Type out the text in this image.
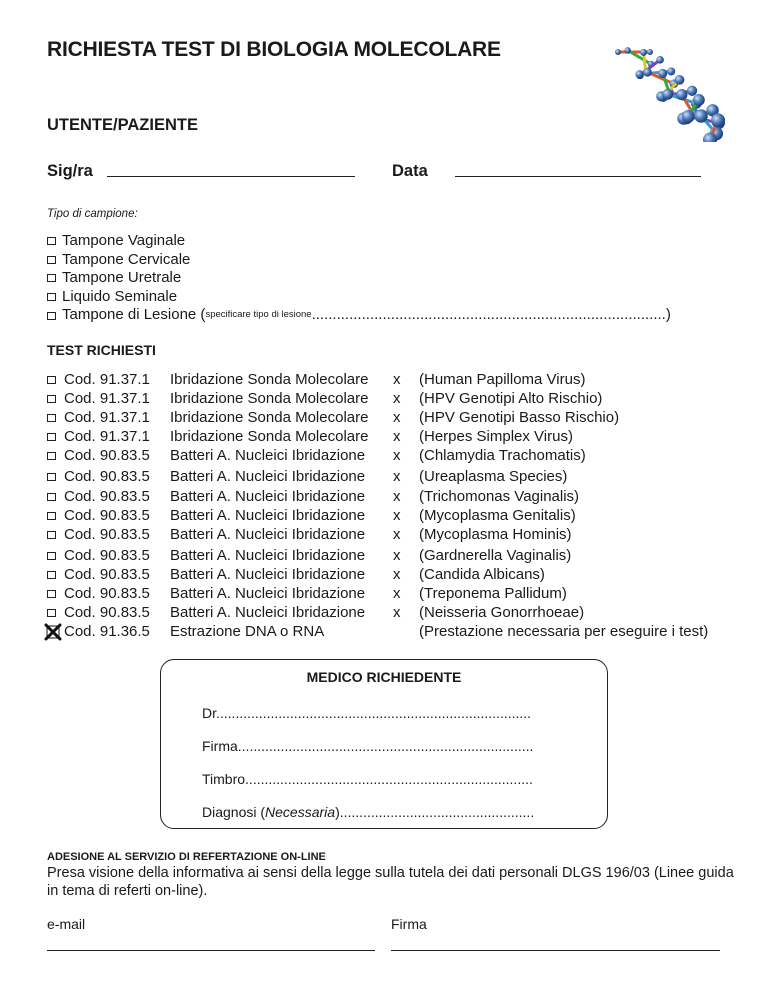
RICHIESTA TEST DI BIOLOGIA MOLECOLARE
UTENTE/PAZIENTE
Sig/ra	Data
Tipo di campione:
Tampone Vaginale
Tampone Cervicale
Tampone Uretrale
Liquido Seminale
Tampone di Lesione ( specificare tipo di lesione .....................................................................................)
TEST RICHIESTI
Cod. 91.37.1 Ibridazione Sonda Molecolare x (Human Papilloma Virus)
Cod. 91.37.1 Ibridazione Sonda Molecolare x (HPV Genotipi Alto Rischio)
Cod. 91.37.1 Ibridazione Sonda Molecolare x (HPV Genotipi Basso Rischio)
Cod. 91.37.1 Ibridazione Sonda Molecolare x (Herpes Simplex Virus)
Cod. 90.83.5 Batteri A. Nucleici Ibridazione x (Chlamydia Trachomatis)
Cod. 90.83.5 Batteri A. Nucleici Ibridazione x (Ureaplasma Species)
Cod. 90.83.5 Batteri A. Nucleici Ibridazione x (Trichomonas Vaginalis)
Cod. 90.83.5 Batteri A. Nucleici Ibridazione x (Mycoplasma Genitalis)
Cod. 90.83.5 Batteri A. Nucleici Ibridazione x (Mycoplasma Hominis)
Cod. 90.83.5 Batteri A. Nucleici Ibridazione x (Gardnerella Vaginalis)
Cod. 90.83.5 Batteri A. Nucleici Ibridazione x (Candida Albicans)
Cod. 90.83.5 Batteri A. Nucleici Ibridazione x (Treponema Pallidum)
Cod. 90.83.5 Batteri A. Nucleici Ibridazione x (Neisseria Gonorrhoeae)
Cod. 91.36.5 Estrazione DNA o RNA	(Prestazione necessaria per eseguire i test)
MEDICO RICHIEDENTE
Dr.................................................................................
Firma............................................................................
Timbro..........................................................................
Diagnosi (Necessaria)..................................................
ADESIONE AL SERVIZIO DI REFERTAZIONE ON-LINE
Presa visione della informativa ai sensi della legge sulla tutela dei dati personali DLGS 196/03 (Linee guida in tema di referti on-line).
e-mail	Firma
